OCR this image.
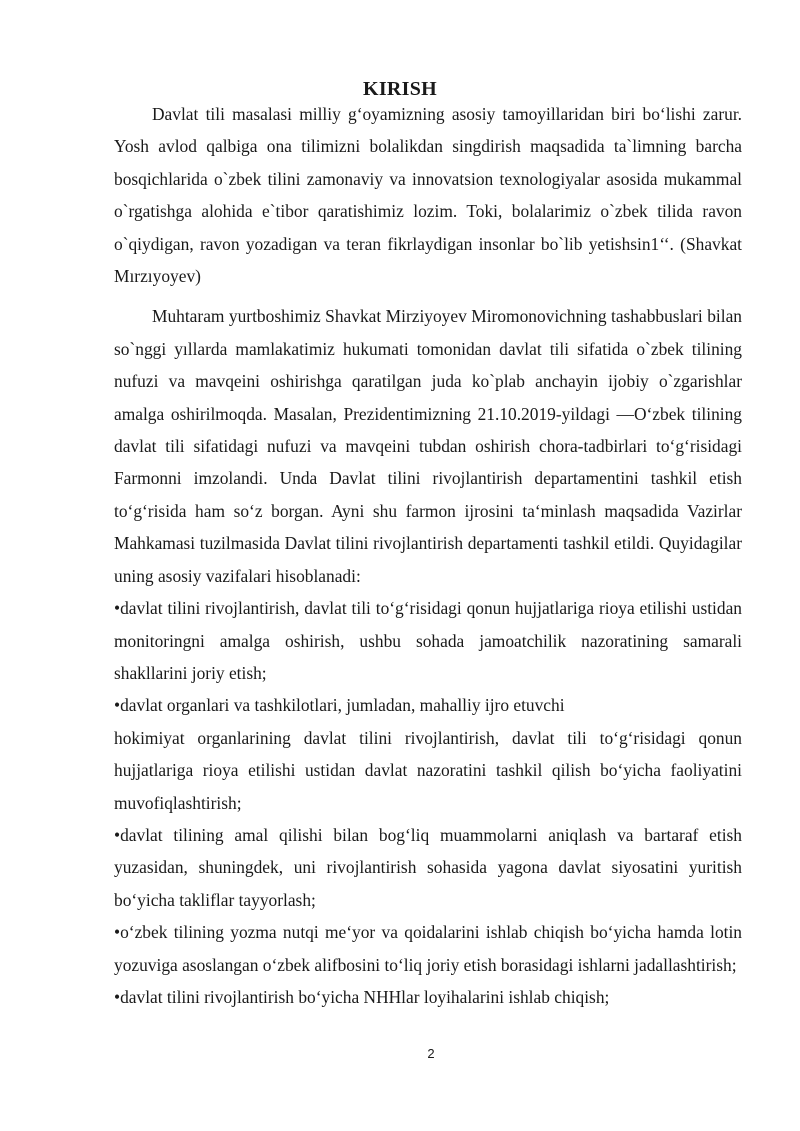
KIRISH

Davlat tili masalasi milliy g‘oyamizning asosiy tamoyillaridan biri bo‘lishi zarur. Yosh avlod qalbiga ona tilimizni bolalikdan singdirish maqsadida ta`limning barcha bosqichlarida o`zbek tilini zamonaviy va innovatsion texnologiyalar asosida mukammal o`rgatishga alohida e`tibor qaratishimiz lozim. Toki, bolalarimiz o`zbek tilida ravon o`qiydigan, ravon yozadigan va teran fikrlaydigan insonlar bo`lib yetishsin1‘‘. (Shavkat Mırzıyoyev)

Muhtaram yurtboshimiz Shavkat Mirziyoyev Miromonovichning tashabbuslari bilan so`nggi yıllarda mamlakatimiz hukumati tomonidan davlat tili sifatida o`zbek tilining nufuzi va mavqeini oshirishga qaratilgan juda ko`plab anchayin ijobiy o`zgarishlar amalga oshirilmoqda. Masalan, Prezidentimizning 21.10.2019-yildagi ―O‘zbek tilining davlat tili sifatidagi nufuzi va mavqeini tubdan oshirish chora-tadbirlari to‘g‘risidagi Farmonni imzolandi. Unda Davlat tilini rivojlantirish departamentini tashkil etish to‘g‘risida ham so‘z borgan. Ayni shu farmon ijrosini ta‘minlash maqsadida Vazirlar Mahkamasi tuzilmasida Davlat tilini rivojlantirish departamenti tashkil etildi. Quyidagilar uning asosiy vazifalari hisoblanadi:

•davlat tilini rivojlantirish, davlat tili to‘g‘risidagi qonun hujjatlariga rioya etilishi ustidan monitoringni amalga oshirish, ushbu sohada jamoatchilik nazoratining samarali shakllarini joriy etish;

•davlat organlari va tashkilotlari, jumladan, mahalliy ijro etuvchi

hokimiyat organlarining davlat tilini rivojlantirish, davlat tili to‘g‘risidagi qonun hujjatlariga rioya etilishi ustidan davlat nazoratini tashkil qilish bo‘yicha faoliyatini muvofiqlashtirish;

•davlat tilining amal qilishi bilan bog‘liq muammolarni aniqlash va bartaraf etish yuzasidan, shuningdek, uni rivojlantirish sohasida yagona davlat siyosatini yuritish bo‘yicha takliflar tayyorlash;

•o‘zbek tilining yozma nutqi me‘yor va qoidalarini ishlab chiqish bo‘yicha hamda lotin yozuviga asoslangan o‘zbek alifbosini to‘liq joriy etish borasidagi ishlarni jadallashtirish;

•davlat tilini rivojlantirish bo‘yicha NHHlar loyihalarini ishlab chiqish;

2
